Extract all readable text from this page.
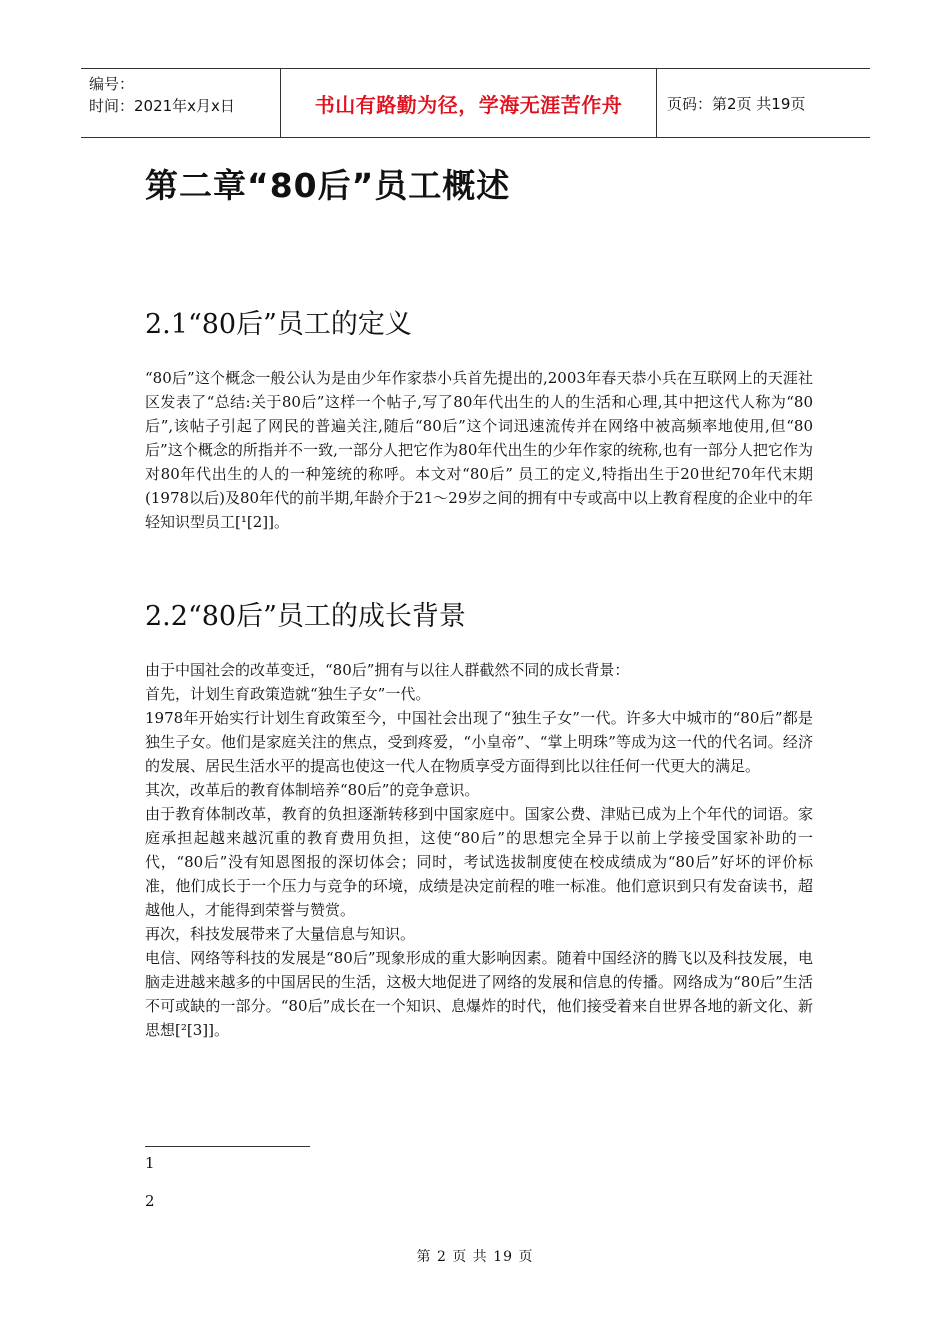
编号：
时间：2021年x月x日	书山有路勤为径，学海无涯苦作舟	页码：第2页 共19页
第二章“80后”员工概述
2.1“80后”员工的定义

“80后”这个概念一般公认为是由少年作家恭小兵首先提出的,2003年春天恭小兵在互联网上的天涯社区发表了“总结:关于80后”这样一个帖子,写了80年代出生的人的生活和心理,其中把这代人称为“80后”,该帖子引起了网民的普遍关注,随后“80后”这个词迅速流传并在网络中被高频率地使用,但“80后”这个概念的所指并不一致,一部分人把它作为80年代出生的少年作家的统称,也有一部分人把它作为对80年代出生的人的一种笼统的称呼。本文对“80后” 员工的定义,特指出生于20世纪70年代末期(1978以后)及80年代的前半期,年龄介于21～29岁之间的拥有中专或高中以上教育程度的企业中的年轻知识型员工[¹[2]]。

2.2“80后”员工的成长背景

由于中国社会的改革变迁，“80后”拥有与以往人群截然不同的成长背景：

首先，计划生育政策造就“独生子女”一代。

1978年开始实行计划生育政策至今，中国社会出现了“独生子女”一代。许多大中城市的“80后”都是独生子女。他们是家庭关注的焦点，受到疼爱，“小皇帝”、“掌上明珠”等成为这一代的代名词。经济的发展、居民生活水平的提高也使这一代人在物质享受方面得到比以往任何一代更大的满足。

其次，改革后的教育体制培养“80后”的竞争意识。

由于教育体制改革，教育的负担逐渐转移到中国家庭中。国家公费、津贴已成为上个年代的词语。家庭承担起越来越沉重的教育费用负担，这使“80后”的思想完全异于以前上学接受国家补助的一代，“80后”没有知恩图报的深切体会；同时，考试选拔制度使在校成绩成为“80后”好坏的评价标准，他们成长于一个压力与竞争的环境，成绩是决定前程的唯一标准。他们意识到只有发奋读书，超越他人，才能得到荣誉与赞赏。

再次，科技发展带来了大量信息与知识。

电信、网络等科技的发展是“80后”现象形成的重大影响因素。随着中国经济的腾飞以及科技发展，电脑走进越来越多的中国居民的生活，这极大地促进了网络的发展和信息的传播。网络成为“80后”生活不可或缺的一部分。“80后”成长在一个知识、息爆炸的时代，他们接受着来自世界各地的新文化、新思想[²[3]]。

1
2
第 2 页 共 19 页
